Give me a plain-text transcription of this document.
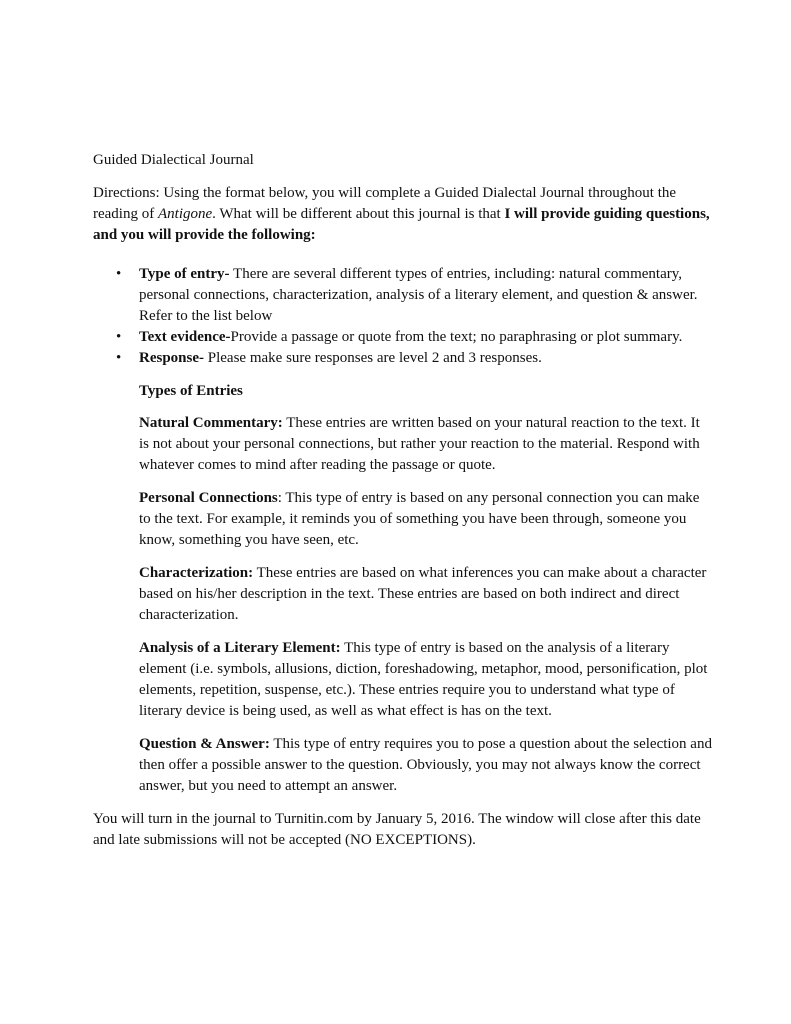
Guided Dialectical Journal

Directions: Using the format below, you will complete a Guided Dialectal Journal throughout the reading of Antigone. What will be different about this journal is that I will provide guiding questions, and you will provide the following:

• Type of entry- There are several different types of entries, including: natural commentary, personal connections, characterization, analysis of a literary element, and question & answer. Refer to the list below
• Text evidence-Provide a passage or quote from the text; no paraphrasing or plot summary.
• Response- Please make sure responses are level 2 and 3 responses.

Types of Entries

Natural Commentary: These entries are written based on your natural reaction to the text. It is not about your personal connections, but rather your reaction to the material. Respond with whatever comes to mind after reading the passage or quote.

Personal Connections: This type of entry is based on any personal connection you can make to the text. For example, it reminds you of something you have been through, someone you know, something you have seen, etc.

Characterization: These entries are based on what inferences you can make about a character based on his/her description in the text. These entries are based on both indirect and direct characterization.

Analysis of a Literary Element: This type of entry is based on the analysis of a literary element (i.e. symbols, allusions, diction, foreshadowing, metaphor, mood, personification, plot elements, repetition, suspense, etc.). These entries require you to understand what type of literary device is being used, as well as what effect is has on the text.

Question & Answer: This type of entry requires you to pose a question about the selection and then offer a possible answer to the question. Obviously, you may not always know the correct answer, but you need to attempt an answer.

You will turn in the journal to Turnitin.com by January 5, 2016. The window will close after this date and late submissions will not be accepted (NO EXCEPTIONS).
